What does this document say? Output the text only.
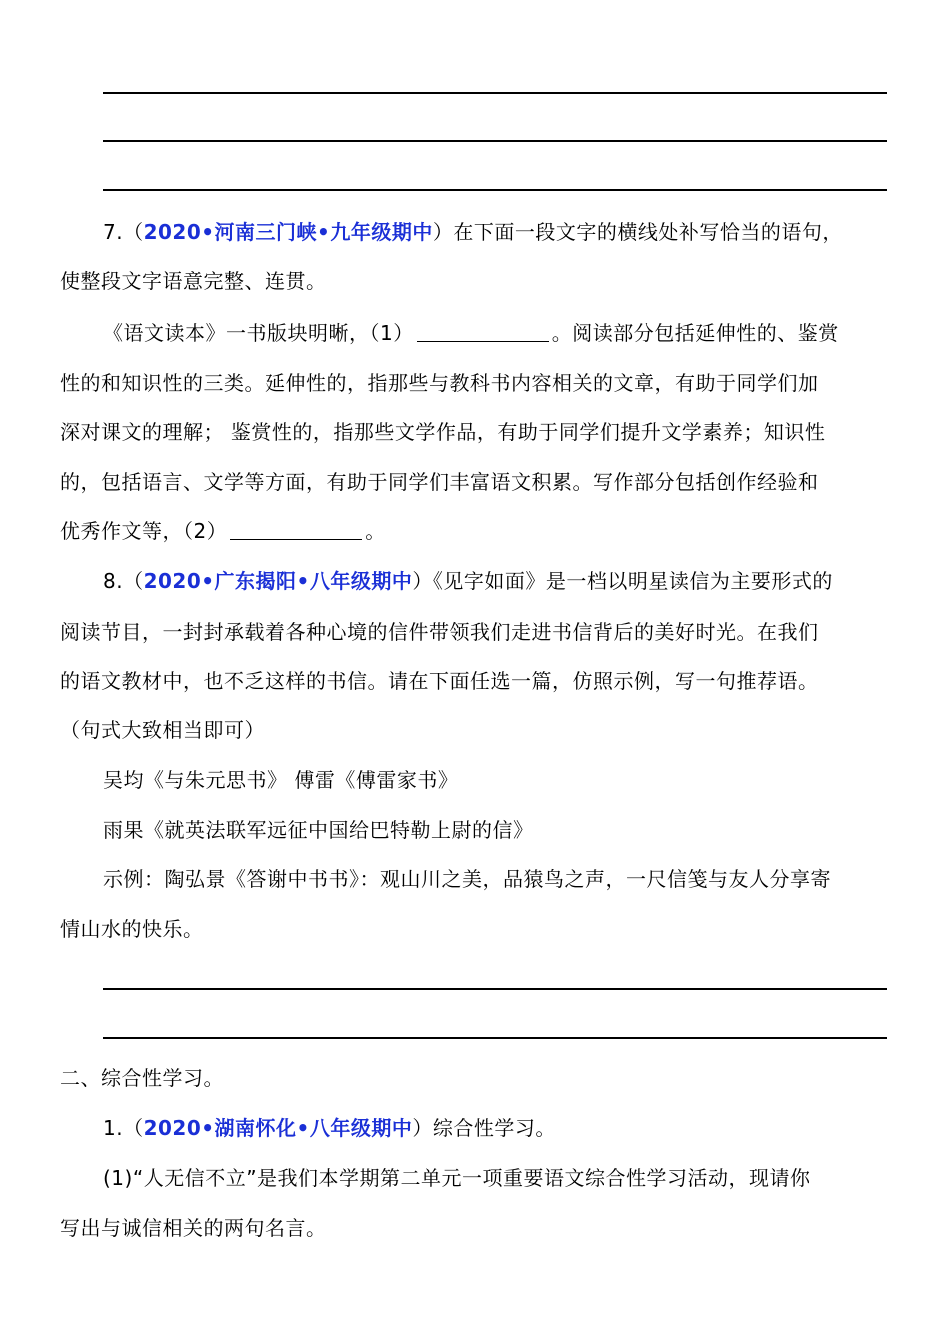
7.（2020•河南三门峡•九年级期中）在下面一段文字的横线处补写恰当的语句，
使整段文字语意完整、连贯。
《语文读本》一书版块明晰，（1）	。阅读部分包括延伸性的、鉴赏
性的和知识性的三类。延伸性的，指那些与教科书内容相关的文章，有助于同学们加
深对课文的理解； 鉴赏性的，指那些文学作品，有助于同学们提升文学素养；知识性
的，包括语言、文学等方面，有助于同学们丰富语文积累。写作部分包括创作经验和
优秀作文等，（2）	。
8.（2020•广东揭阳•八年级期中）《见字如面》是一档以明星读信为主要形式的
阅读节目，一封封承载着各种心境的信件带领我们走进书信背后的美好时光。在我们
的语文教材中，也不乏这样的书信。请在下面任选一篇，仿照示例，写一句推荐语。
（句式大致相当即可）
吴均《与朱元思书》 傅雷《傅雷家书》
雨果《就英法联军远征中国给巴特勒上尉的信》
示例：陶弘景《答谢中书书》：观山川之美，品猿鸟之声，一尺信笺与友人分享寄
情山水的快乐。
二、综合性学习。
1.（2020•湖南怀化•八年级期中）综合性学习。
(1)“人无信不立”是我们本学期第二单元一项重要语文综合性学习活动，现请你
写出与诚信相关的两句名言。
